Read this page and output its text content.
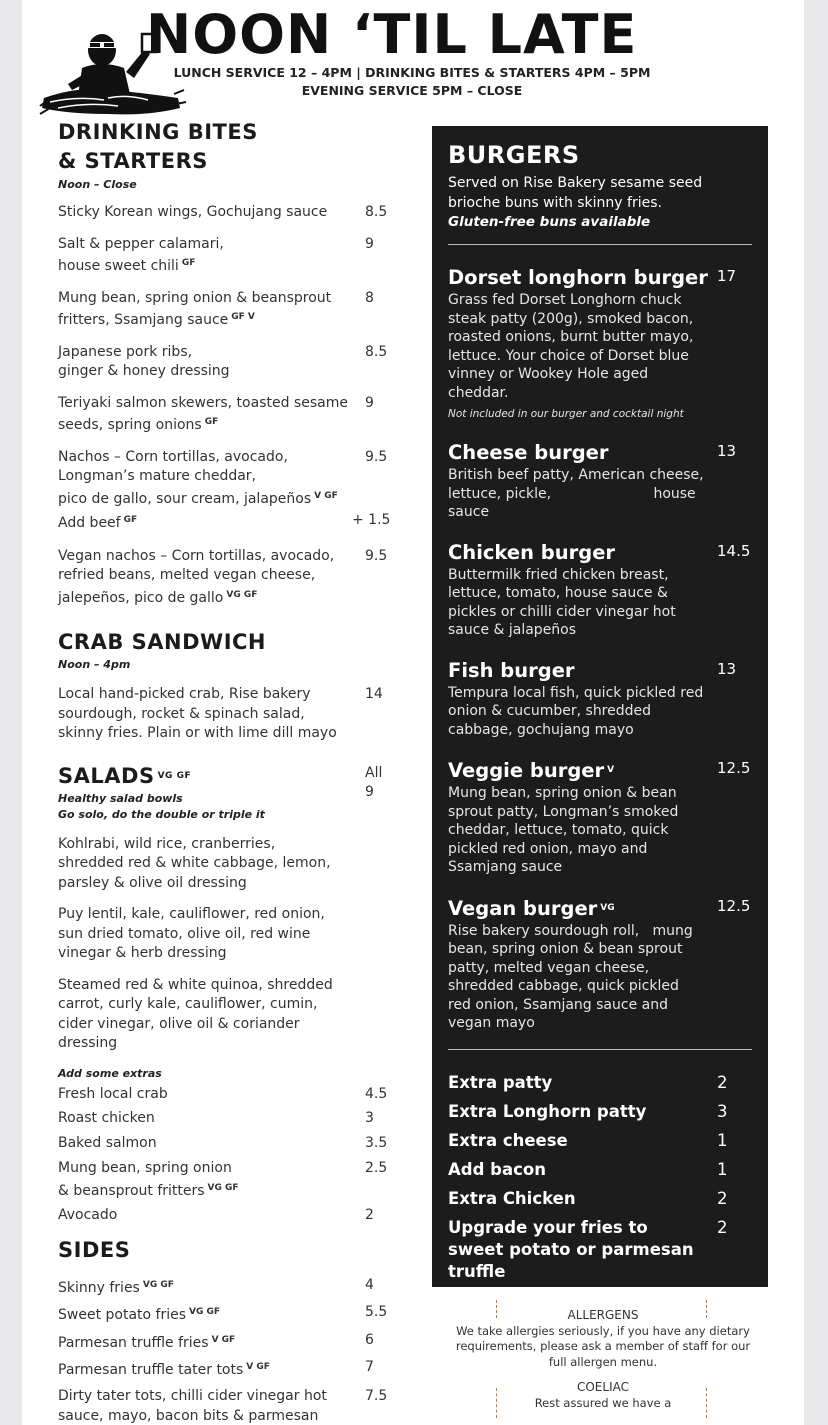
NOON ‘TIL LATE
LUNCH SERVICE 12 – 4PM | DRINKING BITES & STARTERS 4PM – 5PM
EVENING SERVICE 5PM – CLOSE
DRINKING BITES
& STARTERS
Noon – Close
Sticky Korean wings, Gochujang sauce	8.5
Salt & pepper calamari,
house sweet chili $^{GF}$
9
Mung bean, spring onion & beansprout
fritters, Ssamjang sauce $^{GF V}$
8
Japanese pork ribs,
ginger & honey dressing
8.5
Teriyaki salmon skewers, toasted sesame
seeds, spring onions $^{GF}$
9
Nachos – Corn tortillas, avocado,
Longman’s mature cheddar,
pico de gallo, sour cream, jalapeños $^{V GF}$
9.5
Add beef $^{GF}$	+ 1.5
Vegan nachos – Corn tortillas, avocado,
refried beans, melted vegan cheese,
jalepeños, pico de gallo $^{VG GF}$
9.5
CRAB SANDWICH
Noon – 4pm
Local hand-picked crab, Rise bakery
sourdough, rocket & spinach salad,
skinny fries. Plain or with lime dill mayo
14
SALADS $^{VG GF}$	All
9
Healthy salad bowls
Go solo, do the double or triple it
Kohlrabi, wild rice, cranberries,
shredded red & white cabbage, lemon,
parsley & olive oil dressing
Puy lentil, kale, cauliflower, red onion,
sun dried tomato, olive oil, red wine
vinegar & herb dressing
Steamed red & white quinoa, shredded
carrot, curly kale, cauliflower, cumin,
cider vinegar, olive oil & coriander
dressing
Add some extras
Fresh local crab	4.5
Roast chicken	3
Baked salmon	3.5
Mung bean, spring onion	2.5
& beansprout fritters $^{VG GF}$
Avocado	2
SIDES
Skinny fries $^{VG GF}$	4
Sweet potato fries $^{VG GF}$	5.5
Parmesan truffle fries $^{V GF}$	6
Parmesan truffle tater tots $^{V GF}$	7
Dirty tater tots, chilli cider vinegar hot	7.5
sauce, mayo, bacon bits & parmesan
BURGERS
Served on Rise Bakery sesame seed
brioche buns with skinny fries.
Gluten-free buns available
Dorset longhorn burger 17
Grass fed Dorset Longhorn chuck steak patty (200g), smoked bacon, roasted onions, burnt butter mayo, lettuce. Your choice of Dorset blue vinney or Wookey Hole aged cheddar.
Not included in our burger and cocktail night
Cheese burger	13
British beef patty, American cheese, lettuce, pickle,                       house sauce
Chicken burger	14.5
Buttermilk fried chicken breast, lettuce, tomato, house sauce & pickles or chilli cider vinegar hot sauce & jalapeños
Fish burger	13
Tempura local fish, quick pickled red onion & cucumber, shredded cabbage, gochujang mayo
Veggie burger $^V$	12.5
Mung bean, spring onion & bean sprout patty, Longman’s smoked cheddar, lettuce, tomato, quick pickled red onion, mayo and Ssamjang sauce
Vegan burger $^{VG}$	12.5
Rise bakery sourdough roll,   mung bean, spring onion & bean sprout patty, melted vegan cheese, shredded cabbage, quick pickled red onion, Ssamjang sauce and              vegan mayo
Extra patty	2
Extra Longhorn patty	3
Extra cheese	1
Add bacon	1
Extra Chicken	2
Upgrade your fries to sweet potato or parmesan truffle
2
ALLERGENS
We take allergies seriously, if you have any dietary requirements, please ask a member of staff for our full allergen menu.
COELIAC
Rest assured we have a
